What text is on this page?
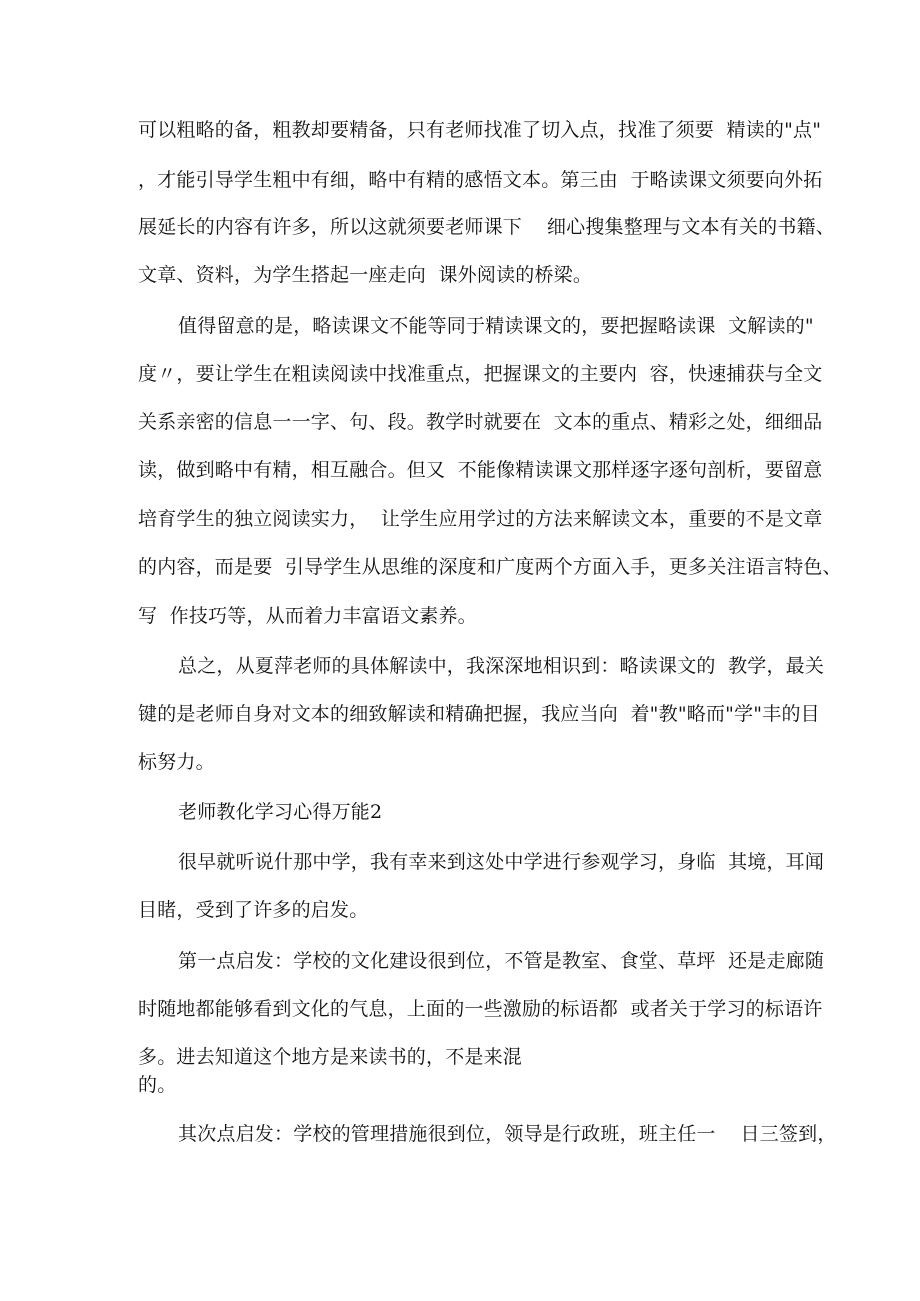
可以粗略的备，粗教却要精备，只有老师找准了切入点，找准了须要  精读的"点"
，才能引导学生粗中有细，略中有精的感悟文本。第三由  于略读课文须要向外拓
展延长的内容有许多，所以这就须要老师课下    细心搜集整理与文本有关的书籍、
文章、资料，为学生搭起一座走向  课外阅读的桥梁。
值得留意的是，略读课文不能等同于精读课文的，要把握略读课  文解读的"
度〃，要让学生在粗读阅读中找准重点，把握课文的主要内  容，快速捕获与全文
关系亲密的信息一一字、句、段。教学时就要在  文本的重点、精彩之处，细细品
读，做到略中有精，相互融合。但又  不能像精读课文那样逐字逐句剖析，要留意
培育学生的独立阅读实力，  让学生应用学过的方法来解读文本，重要的不是文章
的内容，而是要  引导学生从思维的深度和广度两个方面入手，更多关注语言特色、
写  作技巧等，从而着力丰富语文素养。
总之，从夏萍老师的具体解读中，我深深地相识到：略读课文的  教学，最关
键的是老师自身对文本的细致解读和精确把握，我应当向  着"教"略而"学"丰的目
标努力。
老师教化学习心得万能2
很早就听说什那中学，我有幸来到这处中学进行参观学习，身临  其境，耳闻
目睹，受到了许多的启发。
第一点启发：学校的文化建设很到位，不管是教室、食堂、草坪  还是走廊随
时随地都能够看到文化的气息，上面的一些激励的标语都  或者关于学习的标语许
多。进去知道这个地方是来读书的，不是来混
的。
其次点启发：学校的管理措施很到位，领导是行政班，班主任一    日三签到，
